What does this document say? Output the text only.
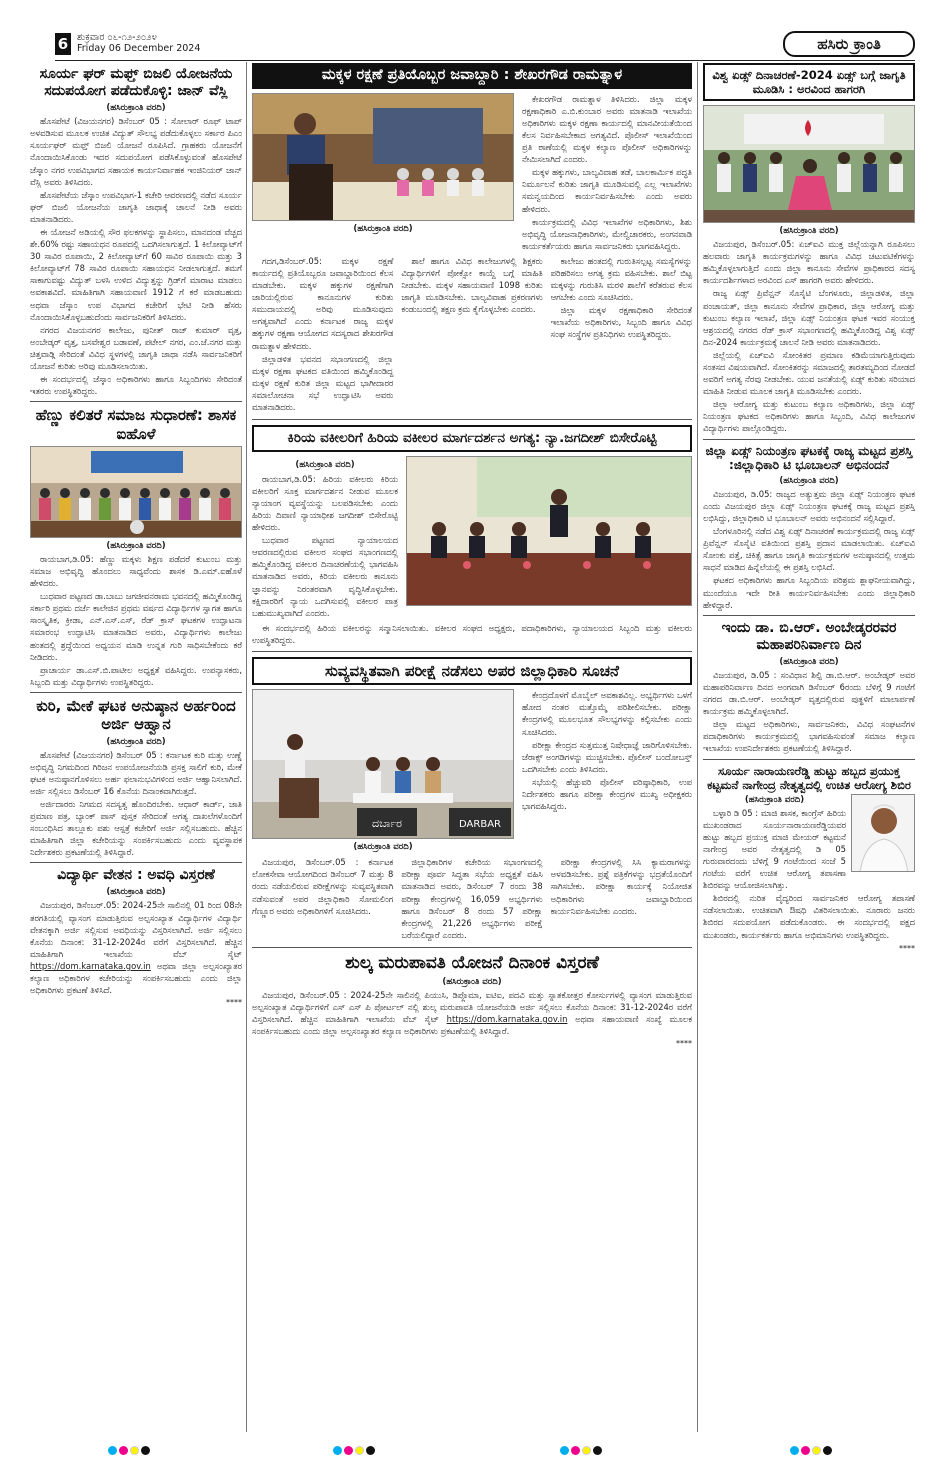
6 ಶುಕ್ರವಾರ ೦೬-೧೨-೨೦೨೪
Friday 06 December 2024	ಹಸಿರು ಕ್ರಾಂತಿ
ಸೂರ್ಯ ಘರ್ ಮಫ್ತ್ ಬಿಜಲಿ ಯೋಜನೆಯ ಸದುಪಯೋಗ ಪಡೆದುಕೊಳ್ಳಿ: ಜಾನ್ ವೆಸ್ಲಿ
(ಹಸಿರುಕ್ರಾಂತಿ ವರದಿ)

ಹೊಸಪೇಟೆ (ವಿಜಯನಗರ) ಡಿಸೆಂಬರ್ 05 : ಸೋಲಾರ್ ರೂಫ್ ಟಾಪ್ ಅಳವಡಿಸುವ ಮೂಲಕ ಉಚಿತ ವಿದ್ಯುತ್ ಸೌಲಭ್ಯ ಪಡೆದುಕೊಳ್ಳಲು ಸರ್ಕಾರ ಪಿಎಂ ಸೂರ್ಯಘರ್ ಮಫ್ತ್ ಬಿಜಲಿ ಯೋಜನೆ ರೂಪಿಸಿದೆ. ಗ್ರಾಹಕರು ಯೋಜನೆಗೆ ನೊಂದಾಯಿಸಿಕೊಂಡು ಇದರ ಸದುಪಯೋಗ ಪಡೆಸಿಕೊಳ್ಳುವಂತೆ ಹೊಸಪೇಟೆ ಜೆಸ್ಕಾಂ ನಗರ ಉಪವಿಭಾಗದ ಸಹಾಯಕ ಕಾರ್ಯನಿರ್ವಾಹಕ ಇಂಜಿನಿಯರ್ ಜಾನ್ ವೆಸ್ಲಿ ಅವರು ತಿಳಿಸಿದರು.

ಹೊಸಪೇಟೆಯ ಜೆಸ್ಕಾಂ ಉಪವಿಭಾಗ-1 ಕಚೇರಿ ಆವರಣದಲ್ಲಿ ನಡೆದ ಸೂರ್ಯ ಘರ್ ಬಿಜಲಿ ಯೋಜನೆಯ ಜಾಗೃತಿ ಜಾಥಾಕ್ಕೆ ಚಾಲನೆ ನೀಡಿ ಅವರು ಮಾತನಾಡಿದರು.

ಈ ಯೋಜನೆ ಅಡಿಯಲ್ಲಿ ಸೌರ ಫಲಕಗಳನ್ನು ಸ್ಥಾಪಿಸಲು, ಮಾನದಂಡ ವೆಚ್ಚದ ಶೇ.60% ರಷ್ಟು ಸಹಾಯಧನ ರೂಪದಲ್ಲಿ ಒದಗಿಸಲಾಗುತ್ತದೆ. 1 ಕಿಲೋವ್ಯಾಟ್‌ಗೆ 30 ಸಾವಿರ ರೂಪಾಯಿ, 2 ಕಿಲೋವ್ಯಾಟ್‌ಗೆ 60 ಸಾವಿರ ರೂಪಾಯಿ ಮತ್ತು 3 ಕಿಲೋವ್ಯಾಟ್‌ಗೆ 78 ಸಾವಿರ ರೂಪಾಯಿ ಸಹಾಯಧನ ನೀಡಲಾಗುತ್ತದೆ. ತಮಗೆ ಸಾಕಾಗುವಷ್ಟು ವಿದ್ಯುತ್ ಬಳಸಿ ಉಳಿದ ವಿದ್ಯುತ್ತನ್ನು ಗ್ರಿಡ್‌ಗೆ ಮಾರಾಟ ಮಾಡಲು ಅವಕಾಶವಿದೆ. ಮಾಹಿತಿಗಾಗಿ ಸಹಾಯವಾಣಿ 1912 ಗೆ ಕರೆ ಮಾಡಬಹುದು ಅಥವಾ ಜೆಸ್ಕಾಂ ಉಪ ವಿಭಾಗದ ಕಚೇರಿಗೆ ಭೇಟಿ ನೀಡಿ ಹೆಸರು ನೊಂದಾಯಿಸಿಕೊಳ್ಳಬಹುದೆಂದು ಸಾರ್ವಜನಿಕರಿಗೆ ತಿಳಿಸಿದರು.

ನಗರದ ವಿಜಯನಗರ ಕಾಲೇಜು, ಪುನೀತ್ ರಾಜ್ ಕುಮಾರ್ ವೃತ್ತ, ಅಂಬೇಡ್ಕರ್ ವೃತ್ತ, ಬಸವೇಶ್ವರ ಬಡಾವಣೆ, ಪಟೇಲ್ ನಗರ, ಎಂ.ಜೆ.ನಗರ ಮತ್ತು ಚಿತ್ತವಾಡ್ಗಿ ಸೇರಿದಂತೆ ವಿವಿಧ ಸ್ಥಳಗಳಲ್ಲಿ ಜಾಗೃತಿ ಜಾಥಾ ನಡೆಸಿ ಸಾರ್ವಜನಿಕರಿಗೆ ಯೋಜನೆ ಕುರಿತು ಅರಿವು ಮೂಡಿಸಲಾಯಿತು.

ಈ ಸಂದರ್ಭದಲ್ಲಿ ಜೆಸ್ಕಾಂ ಅಧಿಕಾರಿಗಳು ಹಾಗೂ ಸಿಬ್ಬಂದಿಗಳು ಸೇರಿದಂತೆ ಇತರರು ಉಪಸ್ಥಿತರಿದ್ದರು.

ಹೆಣ್ಣು ಕಲಿತರೆ ಸಮಾಜ ಸುಧಾರಣೆ: ಶಾಸಕ ಐಹೊಳೆ
(ಹಸಿರುಕ್ರಾಂತಿ ವರದಿ)

ರಾಯಬಾಗ,ಡಿ.05: ಹೆಣ್ಣು ಮಕ್ಕಳು ಶಿಕ್ಷಣ ಪಡೆದರೆ ಕುಟುಂಬ ಮತ್ತು ಸಮಾಜ ಅಭಿವೃದ್ಧಿ ಹೊಂದಲು ಸಾಧ್ಯವೆಂದು ಶಾಸಕ ಡಿ.ಎಮ್.ಐಹೊಳೆ ಹೇಳಿದರು.

ಬುಧವಾರ ಪಟ್ಟಣದ ಡಾ.ಬಾಬು ಜಗಜೀವನರಾಮ ಭವನದಲ್ಲಿ ಹಮ್ಮಿಕೊಂಡಿದ್ದ ಸರ್ಕಾರಿ ಪ್ರಥಮ ದರ್ಜೆ ಕಾಲೇಜಿನ ಪ್ರಥಮ ವರ್ಷದ ವಿದ್ಯಾರ್ಥಿಗಳ ಸ್ವಾಗತ ಹಾಗೂ ಸಾಂಸ್ಕೃತಿಕ, ಕ್ರೀಡಾ, ಎನ್.ಎಸ್.ಎಸ್, ರೆಡ್ ಕ್ರಾಸ್ ಘಟಕಗಳ ಉದ್ಘಾಟನಾ ಸಮಾರಂಭ ಉದ್ಘಾಟಿಸಿ ಮಾತನಾಡಿದ ಅವರು, ವಿದ್ಯಾರ್ಥಿಗಳು ಕಾಲೇಜು ಹಂತದಲ್ಲಿ ಶ್ರದ್ಧೆಯಿಂದ ಅಧ್ಯಯನ ಮಾಡಿ ಉನ್ನತ ಗುರಿ ಸಾಧಿಸಬೇಕೆಂದು ಕರೆ ನೀಡಿದರು.

ಪ್ರಾಚಾರ್ಯ ಡಾ.ಎಸ್.ಬಿ.ಪಾಟೀಲ ಅಧ್ಯಕ್ಷತೆ ವಹಿಸಿದ್ದರು. ಉಪನ್ಯಾಸಕರು, ಸಿಬ್ಬಂದಿ ಮತ್ತು ವಿದ್ಯಾರ್ಥಿಗಳು ಉಪಸ್ಥಿತರಿದ್ದರು.

ಕುರಿ, ಮೇಕೆ ಘಟಕ ಅನುಷ್ಠಾನ ಅರ್ಹರಿಂದ ಅರ್ಜಿ ಆಹ್ವಾನ
(ಹಸಿರುಕ್ರಾಂತಿ ವರದಿ)

ಹೊಸಪೇಟೆ (ವಿಜಯನಗರ) ಡಿಸೆಂಬರ್ 05 : ಕರ್ನಾಟಕ ಕುರಿ ಮತ್ತು ಉಣ್ಣೆ ಅಭಿವೃದ್ಧಿ ನಿಗಮದಿಂದ ಗಿರಿಜನ ಉಪಯೋಜನೆಯಡಿ ಪ್ರಸಕ್ತ ಸಾಲಿಗೆ ಕುರಿ, ಮೇಕೆ ಘಟಕ ಅನುಷ್ಠಾನಗೊಳಿಸಲು ಅರ್ಹ ಫಲಾನುಭವಿಗಳಿಂದ ಅರ್ಜಿ ಆಹ್ವಾನಿಸಲಾಗಿದೆ. ಅರ್ಜಿ ಸಲ್ಲಿಸಲು ಡಿಸೆಂಬರ್ 16 ಕೊನೆಯ ದಿನಾಂಕವಾಗಿರುತ್ತದೆ.

ಅರ್ಜಿದಾರರು ನಿಗಮದ ಸದಸ್ಯತ್ವ ಹೊಂದಿರಬೇಕು. ಆಧಾರ್ ಕಾರ್ಡ್, ಜಾತಿ ಪ್ರಮಾಣ ಪತ್ರ, ಬ್ಯಾಂಕ್ ಪಾಸ್ ಪುಸ್ತಕ ಸೇರಿದಂತೆ ಅಗತ್ಯ ದಾಖಲೆಗಳೊಂದಿಗೆ ಸಂಬಂಧಿಸಿದ ತಾಲ್ಲೂಕು ಪಶು ಆಸ್ಪತ್ರೆ ಕಚೇರಿಗೆ ಅರ್ಜಿ ಸಲ್ಲಿಸಬಹುದು. ಹೆಚ್ಚಿನ ಮಾಹಿತಿಗಾಗಿ ಜಿಲ್ಲಾ ಕಚೇರಿಯನ್ನು ಸಂಪರ್ಕಿಸಬಹುದು ಎಂದು ವ್ಯವಸ್ಥಾಪಕ ನಿರ್ದೇಶಕರು ಪ್ರಕಟಣೆಯಲ್ಲಿ ತಿಳಿಸಿದ್ದಾರೆ.

ವಿದ್ಯಾರ್ಥಿ ವೇತನ : ಅವಧಿ ವಿಸ್ತರಣೆ
(ಹಸಿರುಕ್ರಾಂತಿ ವರದಿ)

ವಿಜಯಪುರ, ಡಿಸೆಂಬರ್.05: 2024-25ನೇ ಸಾಲಿನಲ್ಲಿ 01 ರಿಂದ 08ನೇ ತರಗತಿಯಲ್ಲಿ ವ್ಯಾಸಂಗ ಮಾಡುತ್ತಿರುವ ಅಲ್ಪಸಂಖ್ಯಾತ ವಿದ್ಯಾರ್ಥಿಗಳ ವಿದ್ಯಾರ್ಥಿ ವೇತನಕ್ಕಾಗಿ ಅರ್ಜಿ ಸಲ್ಲಿಸುವ ಅವಧಿಯನ್ನು ವಿಸ್ತರಿಸಲಾಗಿದೆ. ಅರ್ಜಿ ಸಲ್ಲಿಸಲು ಕೊನೆಯ ದಿನಾಂಕ: 31-12-2024ರ ವರೆಗೆ ವಿಸ್ತರಿಸಲಾಗಿದೆ. ಹೆಚ್ಚಿನ ಮಾಹಿತಿಗಾಗಿ ಇಲಾಖೆಯ ವೆಬ್ ಸೈಟ್ https://dom.karnataka.gov.in ಅಥವಾ ಜಿಲ್ಲಾ ಅಲ್ಪಸಂಖ್ಯಾತರ ಕಲ್ಯಾಣ ಅಧಿಕಾರಿಗಳ ಕಚೇರಿಯನ್ನು ಸಂಪರ್ಕಿಸಬಹುದು ಎಂದು ಜಿಲ್ಲಾ ಅಧಿಕಾರಿಗಳು ಪ್ರಕಟಣೆ ತಿಳಿಸಿದೆ.

****
ಮಕ್ಕಳ ರಕ್ಷಣೆ ಪ್ರತಿಯೊಬ್ಬರ ಜವಾಬ್ದಾರಿ : ಶೇಖರಗೌಡ ರಾಮತ್ನಾಳ
(ಹಸಿರುಕ್ರಾಂತಿ ವರದಿ)

ಕೇಖರಗೌಡ ರಾಮತ್ನಾಳ ತಿಳಿಸಿದರು. ಜಿಲ್ಲಾ ಮಕ್ಕಳ ರಕ್ಷಣಾಧಿಕಾರಿ ಎ.ಬಿ.ಕುಂಬಾರ ಅವರು ಮಾತನಾಡಿ ಇಲಾಖೆಯ ಅಧಿಕಾರಿಗಳು ಮಕ್ಕಳ ರಕ್ಷಣಾ ಕಾರ್ಯದಲ್ಲಿ ಮಾನವೀಯತೆಯಿಂದ ಕೆಲಸ ನಿರ್ವಹಿಸಬೇಕಾದ ಅಗತ್ಯವಿದೆ. ಪೊಲೀಸ್ ಇಲಾಖೆಯಿಂದ ಪ್ರತಿ ಠಾಣೆಯಲ್ಲಿ ಮಕ್ಕಳ ಕಲ್ಯಾಣ ಪೊಲೀಸ್ ಅಧಿಕಾರಿಗಳನ್ನು ನೇಮಿಸಲಾಗಿದೆ ಎಂದರು.

ಮಕ್ಕಳ ಹಕ್ಕುಗಳು, ಬಾಲ್ಯವಿವಾಹ ತಡೆ, ಬಾಲಕಾರ್ಮಿಕ ಪದ್ಧತಿ ನಿರ್ಮೂಲನೆ ಕುರಿತು ಜಾಗೃತಿ ಮೂಡಿಸುವಲ್ಲಿ ಎಲ್ಲ ಇಲಾಖೆಗಳು ಸಮನ್ವಯದಿಂದ ಕಾರ್ಯನಿರ್ವಹಿಸಬೇಕು ಎಂದು ಅವರು ಹೇಳಿದರು.

ಕಾರ್ಯಕ್ರಮದಲ್ಲಿ ವಿವಿಧ ಇಲಾಖೆಗಳ ಅಧಿಕಾರಿಗಳು, ಶಿಶು ಅಭಿವೃದ್ಧಿ ಯೋಜನಾಧಿಕಾರಿಗಳು, ಮೇಲ್ವಿಚಾರಕರು, ಅಂಗನವಾಡಿ ಕಾರ್ಯಕರ್ತೆಯರು ಹಾಗೂ ಸಾರ್ವಜನಿಕರು ಭಾಗವಹಿಸಿದ್ದರು.

ಗದಗ,ಡಿಸೆಂಬರ್.05: ಮಕ್ಕಳ ರಕ್ಷಣೆ ಕಾರ್ಯದಲ್ಲಿ ಪ್ರತಿಯೊಬ್ಬರೂ ಜವಾಬ್ದಾರಿಯಿಂದ ಕೆಲಸ ಮಾಡಬೇಕು. ಮಕ್ಕಳ ಹಕ್ಕುಗಳ ರಕ್ಷಣೆಗಾಗಿ ಜಾರಿಯಲ್ಲಿರುವ ಕಾನೂನುಗಳ ಕುರಿತು ಸಮುದಾಯದಲ್ಲಿ ಅರಿವು ಮೂಡಿಸುವುದು ಅಗತ್ಯವಾಗಿದೆ ಎಂದು ಕರ್ನಾಟಕ ರಾಜ್ಯ ಮಕ್ಕಳ ಹಕ್ಕುಗಳ ರಕ್ಷಣಾ ಆಯೋಗದ ಸದಸ್ಯರಾದ ಶೇಖರಗೌಡ ರಾಮತ್ನಾಳ ಹೇಳಿದರು.

ಜಿಲ್ಲಾಡಳಿತ ಭವನದ ಸಭಾಂಗಣದಲ್ಲಿ ಜಿಲ್ಲಾ ಮಕ್ಕಳ ರಕ್ಷಣಾ ಘಟಕದ ವತಿಯಿಂದ ಹಮ್ಮಿಕೊಂಡಿದ್ದ ಮಕ್ಕಳ ರಕ್ಷಣೆ ಕುರಿತ ಜಿಲ್ಲಾ ಮಟ್ಟದ ಭಾಗೀದಾರರ ಸಮಾಲೋಚನಾ ಸಭೆ ಉದ್ಘಾಟಿಸಿ ಅವರು ಮಾತನಾಡಿದರು.

ಶಾಲೆ ಹಾಗೂ ವಿವಿಧ ಕಾಲೇಜುಗಳಲ್ಲಿ ಶಿಕ್ಷಕರು ವಿದ್ಯಾರ್ಥಿಗಳಿಗೆ ಪೋಕ್ಸೋ ಕಾಯ್ದೆ ಬಗ್ಗೆ ಮಾಹಿತಿ ನೀಡಬೇಕು. ಮಕ್ಕಳ ಸಹಾಯವಾಣಿ 1098 ಕುರಿತು ಜಾಗೃತಿ ಮೂಡಿಸಬೇಕು. ಬಾಲ್ಯವಿವಾಹ ಪ್ರಕರಣಗಳು ಕಂಡುಬಂದಲ್ಲಿ ತಕ್ಷಣ ಕ್ರಮ ಕೈಗೊಳ್ಳಬೇಕು ಎಂದರು.

ಕಾಲೇಜು ಹಂತದಲ್ಲಿ ಗುರುತಿಸಲ್ಪಟ್ಟ ಸಮಸ್ಯೆಗಳನ್ನು ಪರಿಹರಿಸಲು ಅಗತ್ಯ ಕ್ರಮ ವಹಿಸಬೇಕು. ಶಾಲೆ ಬಿಟ್ಟ ಮಕ್ಕಳನ್ನು ಗುರುತಿಸಿ ಮರಳಿ ಶಾಲೆಗೆ ಕರೆತರುವ ಕೆಲಸ ಆಗಬೇಕು ಎಂದು ಸೂಚಿಸಿದರು.

ಜಿಲ್ಲಾ ಮಕ್ಕಳ ರಕ್ಷಣಾಧಿಕಾರಿ ಸೇರಿದಂತೆ ಇಲಾಖೆಯ ಅಧಿಕಾರಿಗಳು, ಸಿಬ್ಬಂದಿ ಹಾಗೂ ವಿವಿಧ ಸಂಘ ಸಂಸ್ಥೆಗಳ ಪ್ರತಿನಿಧಿಗಳು ಉಪಸ್ಥಿತರಿದ್ದರು.

ಕಿರಿಯ ವಕೀಲರಿಗೆ ಹಿರಿಯ ವಕೀಲರ ಮಾರ್ಗದರ್ಶನ ಅಗತ್ಯ: ನ್ಯಾ.ಜಗದೀಶ್ ಬಿಸೇರೊಟ್ಟಿ
(ಹಸಿರುಕ್ರಾಂತಿ ವರದಿ)

ರಾಯಬಾಗ,ಡಿ.05: ಹಿರಿಯ ವಕೀಲರು ಕಿರಿಯ ವಕೀಲರಿಗೆ ಸೂಕ್ತ ಮಾರ್ಗದರ್ಶನ ನೀಡುವ ಮೂಲಕ ನ್ಯಾಯಾಂಗ ವ್ಯವಸ್ಥೆಯನ್ನು ಬಲಪಡಿಸಬೇಕು ಎಂದು ಹಿರಿಯ ದಿವಾಣಿ ನ್ಯಾಯಾಧೀಶ ಜಗದೀಶ್ ಬಿಸೇರೊಟ್ಟಿ ಹೇಳಿದರು.

ಬುಧವಾರ ಪಟ್ಟಣದ ನ್ಯಾಯಾಲಯದ ಆವರಣದಲ್ಲಿರುವ ವಕೀಲರ ಸಂಘದ ಸಭಾಂಗಣದಲ್ಲಿ ಹಮ್ಮಿಕೊಂಡಿದ್ದ ವಕೀಲರ ದಿನಾಚರಣೆಯಲ್ಲಿ ಭಾಗವಹಿಸಿ ಮಾತನಾಡಿದ ಅವರು, ಕಿರಿಯ ವಕೀಲರು ಕಾನೂನು ಜ್ಞಾನವನ್ನು ನಿರಂತರವಾಗಿ ವೃದ್ಧಿಸಿಕೊಳ್ಳಬೇಕು. ಕಕ್ಷಿದಾರರಿಗೆ ನ್ಯಾಯ ಒದಗಿಸುವಲ್ಲಿ ವಕೀಲರ ಪಾತ್ರ ಬಹುಮುಖ್ಯವಾಗಿದೆ ಎಂದರು.

ಈ ಸಂದರ್ಭದಲ್ಲಿ ಹಿರಿಯ ವಕೀಲರನ್ನು ಸನ್ಮಾನಿಸಲಾಯಿತು. ವಕೀಲರ ಸಂಘದ ಅಧ್ಯಕ್ಷರು, ಪದಾಧಿಕಾರಿಗಳು, ನ್ಯಾಯಾಲಯದ ಸಿಬ್ಬಂದಿ ಮತ್ತು ವಕೀಲರು ಉಪಸ್ಥಿತರಿದ್ದರು.

ಸುವ್ಯವಸ್ಥಿತವಾಗಿ ಪರೀಕ್ಷೆ ನಡೆಸಲು ಅಪರ ಜಿಲ್ಲಾಧಿಕಾರಿ ಸೂಚನೆ
DARBAR
ದರ್ಬಾರ
(ಹಸಿರುಕ್ರಾಂತಿ ವರದಿ)

ಕೇಂದ್ರದೊಳಗೆ ಮೊಬೈಲ್ ಅವಕಾಶವಿಲ್ಲ. ಅಭ್ಯರ್ಥಿಗಳು ಒಳಗೆ ಹೋದ ನಂತರ ಮತ್ತೊಮ್ಮೆ ಪರಿಶೀಲಿಸಬೇಕು. ಪರೀಕ್ಷಾ ಕೇಂದ್ರಗಳಲ್ಲಿ ಮೂಲಭೂತ ಸೌಲಭ್ಯಗಳನ್ನು ಕಲ್ಪಿಸಬೇಕು ಎಂದು ಸೂಚಿಸಿದರು.

ಪರೀಕ್ಷಾ ಕೇಂದ್ರದ ಸುತ್ತಮುತ್ತ ನಿಷೇಧಾಜ್ಞೆ ಜಾರಿಗೊಳಿಸಬೇಕು. ಜೆರಾಕ್ಸ್ ಅಂಗಡಿಗಳನ್ನು ಮುಚ್ಚಿಸಬೇಕು. ಪೊಲೀಸ್ ಬಂದೋಬಸ್ತ್ ಒದಗಿಸಬೇಕು ಎಂದು ತಿಳಿಸಿದರು.

ಸಭೆಯಲ್ಲಿ ಹೆಚ್ಚುವರಿ ಪೊಲೀಸ್ ವರಿಷ್ಠಾಧಿಕಾರಿ, ಉಪ ನಿರ್ದೇಶಕರು ಹಾಗೂ ಪರೀಕ್ಷಾ ಕೇಂದ್ರಗಳ ಮುಖ್ಯ ಅಧೀಕ್ಷಕರು ಭಾಗವಹಿಸಿದ್ದರು.

ವಿಜಯಪುರ, ಡಿಸೆಂಬರ್.05 : ಕರ್ನಾಟಕ ಲೋಕಸೇವಾ ಆಯೋಗದಿಂದ ಡಿಸೆಂಬರ್ 7 ಮತ್ತು 8 ರಂದು ನಡೆಯಲಿರುವ ಪರೀಕ್ಷೆಗಳನ್ನು ಸುವ್ಯವಸ್ಥಿತವಾಗಿ ನಡೆಸುವಂತೆ ಅಪರ ಜಿಲ್ಲಾಧಿಕಾರಿ ಸೋಮಲಿಂಗ ಗೆಣ್ಣೂರ ಅವರು ಅಧಿಕಾರಿಗಳಿಗೆ ಸೂಚಿಸಿದರು.

ಜಿಲ್ಲಾಧಿಕಾರಿಗಳ ಕಚೇರಿಯ ಸಭಾಂಗಣದಲ್ಲಿ ಪರೀಕ್ಷಾ ಪೂರ್ವ ಸಿದ್ಧತಾ ಸಭೆಯ ಅಧ್ಯಕ್ಷತೆ ವಹಿಸಿ ಮಾತನಾಡಿದ ಅವರು, ಡಿಸೆಂಬರ್ 7 ರಂದು 38 ಪರೀಕ್ಷಾ ಕೇಂದ್ರಗಳಲ್ಲಿ 16,059 ಅಭ್ಯರ್ಥಿಗಳು ಹಾಗೂ ಡಿಸೆಂಬರ್ 8 ರಂದು 57 ಪರೀಕ್ಷಾ ಕೇಂದ್ರಗಳಲ್ಲಿ 21,226 ಅಭ್ಯರ್ಥಿಗಳು ಪರೀಕ್ಷೆ ಬರೆಯಲಿದ್ದಾರೆ ಎಂದರು.

ಪರೀಕ್ಷಾ ಕೇಂದ್ರಗಳಲ್ಲಿ ಸಿಸಿ ಕ್ಯಾಮರಾಗಳನ್ನು ಅಳವಡಿಸಬೇಕು. ಪ್ರಶ್ನೆ ಪತ್ರಿಕೆಗಳನ್ನು ಭದ್ರತೆಯೊಂದಿಗೆ ಸಾಗಿಸಬೇಕು. ಪರೀಕ್ಷಾ ಕಾರ್ಯಕ್ಕೆ ನಿಯೋಜಿತ ಅಧಿಕಾರಿಗಳು ಜವಾಬ್ದಾರಿಯಿಂದ ಕಾರ್ಯನಿರ್ವಹಿಸಬೇಕು ಎಂದರು.

ಶುಲ್ಕ ಮರುಪಾವತಿ ಯೋಜನೆ ದಿನಾಂಕ ವಿಸ್ತರಣೆ
(ಹಸಿರುಕ್ರಾಂತಿ ವರದಿ)

ವಿಜಯಪುರ, ಡಿಸೆಂಬರ್.05 : 2024-25ನೇ ಸಾಲಿನಲ್ಲಿ ಪಿಯುಸಿ, ಡಿಪ್ಲೊಮಾ, ಐಟಿಐ, ಪದವಿ ಮತ್ತು ಸ್ನಾತಕೋತ್ತರ ಕೋರ್ಸುಗಳಲ್ಲಿ ವ್ಯಾಸಂಗ ಮಾಡುತ್ತಿರುವ ಅಲ್ಪಸಂಖ್ಯಾತ ವಿದ್ಯಾರ್ಥಿಗಳಿಗೆ ಎಸ್ ಎಸ್ ಪಿ ಪೋರ್ಟಲ್ ನಲ್ಲಿ ಶುಲ್ಕ ಮರುಪಾವತಿ ಯೋಜನೆಯಡಿ ಅರ್ಜಿ ಸಲ್ಲಿಸಲು ಕೊನೆಯ ದಿನಾಂಕ: 31-12-2024ರ ವರೆಗೆ ವಿಸ್ತರಿಸಲಾಗಿದೆ. ಹೆಚ್ಚಿನ ಮಾಹಿತಿಗಾಗಿ ಇಲಾಖೆಯ ವೆಬ್ ಸೈಟ್ https://dom.karnataka.gov.in ಅಥವಾ ಸಹಾಯವಾಣಿ ಸಂಖ್ಯೆ ಮೂಲಕ ಸಂಪರ್ಕಿಸಬಹುದು ಎಂದು ಜಿಲ್ಲಾ ಅಲ್ಪಸಂಖ್ಯಾತರ ಕಲ್ಯಾಣ ಅಧಿಕಾರಿಗಳು ಪ್ರಕಟಣೆಯಲ್ಲಿ ತಿಳಿಸಿದ್ದಾರೆ.

****
ವಿಶ್ವ ಏಡ್ಸ್ ದಿನಾಚರಣೆ-2024 ಏಡ್ಸ್ ಬಗ್ಗೆ ಜಾಗೃತಿ ಮೂಡಿಸಿ : ಅರವಿಂದ ಹಾಗರಗಿ
(ಹಸಿರುಕ್ರಾಂತಿ ವರದಿ)

ವಿಜಯಪುರ, ಡಿಸೆಂಬರ್.05: ಏಚ್‌ಐವಿ ಮುಕ್ತ ಜಿಲ್ಲೆಯನ್ನಾಗಿ ರೂಪಿಸಲು ಹಲವಾರು ಜಾಗೃತಿ ಕಾರ್ಯಕ್ರಮಗಳನ್ನು ಹಾಗೂ ವಿವಿಧ ಚಟುವಟಿಕೆಗಳನ್ನು ಹಮ್ಮಿಕೊಳ್ಳಲಾಗುತ್ತಿದೆ ಎಂದು ಜಿಲ್ಲಾ ಕಾನೂನು ಸೇವೆಗಳ ಪ್ರಾಧಿಕಾರದ ಸದಸ್ಯ ಕಾರ್ಯದರ್ಶಿಗಳಾದ ಅರವಿಂದ ಎಸ್ ಹಾಗರಗಿ ಅವರು ಹೇಳಿದರು.

ರಾಜ್ಯ ಏಡ್ಸ್ ಪ್ರಿವೆನ್ಷನ್ ಸೊಸೈಟಿ ಬೆಂಗಳೂರು, ಜಿಲ್ಲಾಡಳಿತ, ಜಿಲ್ಲಾ ಪಂಚಾಯತ್, ಜಿಲ್ಲಾ ಕಾನೂನು ಸೇವೆಗಳ ಪ್ರಾಧಿಕಾರ, ಜಿಲ್ಲಾ ಆರೋಗ್ಯ ಮತ್ತು ಕುಟುಂಬ ಕಲ್ಯಾಣ ಇಲಾಖೆ, ಜಿಲ್ಲಾ ಏಡ್ಸ್ ನಿಯಂತ್ರಣ ಘಟಕ ಇವರ ಸಂಯುಕ್ತ ಆಶ್ರಯದಲ್ಲಿ ನಗರದ ರೆಡ್ ಕ್ರಾಸ್ ಸಭಾಂಗಣದಲ್ಲಿ ಹಮ್ಮಿಕೊಂಡಿದ್ದ ವಿಶ್ವ ಏಡ್ಸ್ ದಿನ-2024 ಕಾರ್ಯಕ್ರಮಕ್ಕೆ ಚಾಲನೆ ನೀಡಿ ಅವರು ಮಾತನಾಡಿದರು.

ಜಿಲ್ಲೆಯಲ್ಲಿ ಏಚ್‌ಐವಿ ಸೋಂಕಿತರ ಪ್ರಮಾಣ ಕಡಿಮೆಯಾಗುತ್ತಿರುವುದು ಸಂತಸದ ವಿಷಯವಾಗಿದೆ. ಸೋಂಕಿತರನ್ನು ಸಮಾಜದಲ್ಲಿ ತಾರತಮ್ಯದಿಂದ ನೋಡದೆ ಅವರಿಗೆ ಅಗತ್ಯ ನೆರವು ನೀಡಬೇಕು. ಯುವ ಜನತೆಯಲ್ಲಿ ಏಡ್ಸ್ ಕುರಿತು ಸರಿಯಾದ ಮಾಹಿತಿ ನೀಡುವ ಮೂಲಕ ಜಾಗೃತಿ ಮೂಡಿಸಬೇಕು ಎಂದರು.

ಜಿಲ್ಲಾ ಆರೋಗ್ಯ ಮತ್ತು ಕುಟುಂಬ ಕಲ್ಯಾಣ ಅಧಿಕಾರಿಗಳು, ಜಿಲ್ಲಾ ಏಡ್ಸ್ ನಿಯಂತ್ರಣ ಘಟಕದ ಅಧಿಕಾರಿಗಳು ಹಾಗೂ ಸಿಬ್ಬಂದಿ, ವಿವಿಧ ಕಾಲೇಜುಗಳ ವಿದ್ಯಾರ್ಥಿಗಳು ಪಾಲ್ಗೊಂಡಿದ್ದರು.

ಜಿಲ್ಲಾ ಏಡ್ಸ್ ನಿಯಂತ್ರಣ ಘಟಕಕ್ಕೆ ರಾಜ್ಯ ಮಟ್ಟದ ಪ್ರಶಸ್ತಿ :ಜಿಲ್ಲಾಧಿಕಾರಿ ಟಿ ಭೂಬಾಲನ್ ಅಭಿನಂದನೆ
(ಹಸಿರುಕ್ರಾಂತಿ ವರದಿ)

ವಿಜಯಪುರ, ಡಿ.05: ರಾಜ್ಯದ ಅತ್ಯುತ್ತಮ ಜಿಲ್ಲಾ ಏಡ್ಸ್ ನಿಯಂತ್ರಣ ಘಟಕ ಎಂದು ವಿಜಯಪುರ ಜಿಲ್ಲಾ ಏಡ್ಸ್ ನಿಯಂತ್ರಣ ಘಟಕಕ್ಕೆ ರಾಜ್ಯ ಮಟ್ಟದ ಪ್ರಶಸ್ತಿ ಲಭಿಸಿದ್ದು, ಜಿಲ್ಲಾಧಿಕಾರಿ ಟಿ ಭೂಬಾಲನ್ ಅವರು ಅಭಿನಂದನೆ ಸಲ್ಲಿಸಿದ್ದಾರೆ.

ಬೆಂಗಳೂರಿನಲ್ಲಿ ನಡೆದ ವಿಶ್ವ ಏಡ್ಸ್ ದಿನಾಚರಣೆ ಕಾರ್ಯಕ್ರಮದಲ್ಲಿ ರಾಜ್ಯ ಏಡ್ಸ್ ಪ್ರಿವೆನ್ಷನ್ ಸೊಸೈಟಿ ವತಿಯಿಂದ ಪ್ರಶಸ್ತಿ ಪ್ರದಾನ ಮಾಡಲಾಯಿತು. ಏಚ್‌ಐವಿ ಸೋಂಕು ಪತ್ತೆ, ಚಿಕಿತ್ಸೆ ಹಾಗೂ ಜಾಗೃತಿ ಕಾರ್ಯಕ್ರಮಗಳ ಅನುಷ್ಠಾನದಲ್ಲಿ ಉತ್ತಮ ಸಾಧನೆ ಮಾಡಿದ ಹಿನ್ನೆಲೆಯಲ್ಲಿ ಈ ಪ್ರಶಸ್ತಿ ಲಭಿಸಿದೆ.

ಘಟಕದ ಅಧಿಕಾರಿಗಳು ಹಾಗೂ ಸಿಬ್ಬಂದಿಯ ಪರಿಶ್ರಮ ಶ್ಲಾಘನೀಯವಾಗಿದ್ದು, ಮುಂದೆಯೂ ಇದೇ ರೀತಿ ಕಾರ್ಯನಿರ್ವಹಿಸಬೇಕು ಎಂದು ಜಿಲ್ಲಾಧಿಕಾರಿ ಹೇಳಿದ್ದಾರೆ.

ಇಂದು ಡಾ. ಬಿ.ಆರ್. ಅಂಬೇಡ್ಕರರವರ ಮಹಾಪರಿನಿರ್ವಾಣ ದಿನ
(ಹಸಿರುಕ್ರಾಂತಿ ವರದಿ)

ವಿಜಯಪುರ, ಡಿ.05 : ಸಂವಿಧಾನ ಶಿಲ್ಪಿ ಡಾ.ಬಿ.ಆರ್. ಅಂಬೇಡ್ಕರ್ ಅವರ ಮಹಾಪರಿನಿರ್ವಾಣ ದಿನದ ಅಂಗವಾಗಿ ಡಿಸೆಂಬರ್ 6ರಂದು ಬೆಳಿಗ್ಗೆ 9 ಗಂಟೆಗೆ ನಗರದ ಡಾ.ಬಿ.ಆರ್. ಅಂಬೇಡ್ಕರ್ ವೃತ್ತದಲ್ಲಿರುವ ಪುತ್ಥಳಿಗೆ ಮಾಲಾರ್ಪಣೆ ಕಾರ್ಯಕ್ರಮ ಹಮ್ಮಿಕೊಳ್ಳಲಾಗಿದೆ.

ಜಿಲ್ಲಾ ಮಟ್ಟದ ಅಧಿಕಾರಿಗಳು, ಸಾರ್ವಜನಿಕರು, ವಿವಿಧ ಸಂಘಟನೆಗಳ ಪದಾಧಿಕಾರಿಗಳು ಕಾರ್ಯಕ್ರಮದಲ್ಲಿ ಭಾಗವಹಿಸುವಂತೆ ಸಮಾಜ ಕಲ್ಯಾಣ ಇಲಾಖೆಯ ಉಪನಿರ್ದೇಶಕರು ಪ್ರಕಟಣೆಯಲ್ಲಿ ತಿಳಿಸಿದ್ದಾರೆ.

ಸೂರ್ಯ ನಾರಾಯಣರೆಡ್ಡಿ ಹುಟ್ಟು ಹಬ್ಬದ ಪ್ರಯುಕ್ತ ಕಟ್ಟಮನೆ ನಾಗೇಂದ್ರ ನೇತೃತ್ವದಲ್ಲಿ ಉಚಿತ ಆರೋಗ್ಯ ಶಿಬಿರ
(ಹಸಿರುಕ್ರಾಂತಿ ವರದಿ)

ಬಳ್ಳಾರಿ ಡಿ 05 : ಮಾಜಿ ಶಾಸಕ, ಕಾಂಗ್ರೆಸ್ ಹಿರಿಯ ಮುಖಂಡರಾದ ಸೂರ್ಯನಾರಾಯಣರೆಡ್ಡಿಯವರ ಹುಟ್ಟು ಹಬ್ಬದ ಪ್ರಯುಕ್ತ ಮಾಜಿ ಮೇಯರ್ ಕಟ್ಟಮನೆ ನಾಗೇಂದ್ರ ಅವರ ನೇತೃತ್ವದಲ್ಲಿ ಡಿ 05 ಗುರುವಾರದಂದು ಬೆಳಿಗ್ಗೆ 9 ಗಂಟೆಯಿಂದ ಸಂಜೆ 5 ಗಂಟೆಯ ವರೆಗೆ ಉಚಿತ ಆರೋಗ್ಯ ತಪಾಸಣಾ ಶಿಬಿರವನ್ನು ಆಯೋಜಿಸಲಾಗಿತ್ತು.

ಶಿಬಿರದಲ್ಲಿ ನುರಿತ ವೈದ್ಯರಿಂದ ಸಾರ್ವಜನಿಕರ ಆರೋಗ್ಯ ತಪಾಸಣೆ ನಡೆಸಲಾಯಿತು. ಉಚಿತವಾಗಿ ಔಷಧಿ ವಿತರಿಸಲಾಯಿತು. ನೂರಾರು ಜನರು ಶಿಬಿರದ ಸದುಪಯೋಗ ಪಡೆದುಕೊಂಡರು. ಈ ಸಂದರ್ಭದಲ್ಲಿ ಪಕ್ಷದ ಮುಖಂಡರು, ಕಾರ್ಯಕರ್ತರು ಹಾಗೂ ಅಭಿಮಾನಿಗಳು ಉಪಸ್ಥಿತರಿದ್ದರು.

****
